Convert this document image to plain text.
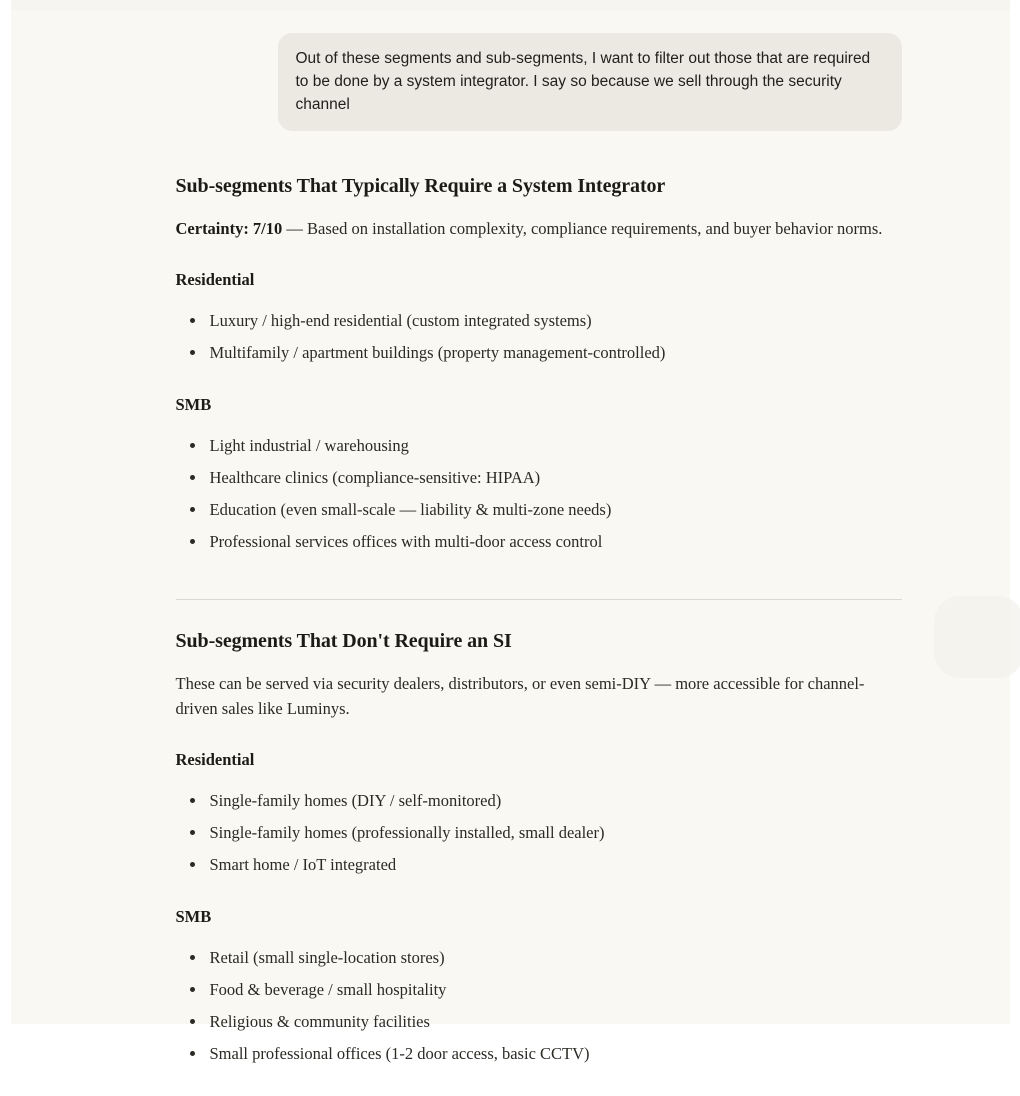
Out of these segments and sub-segments, I want to filter out those that are required to be done by a system integrator. I say so because we sell through the security channel
Sub-segments That Typically Require a System Integrator

Certainty: 7/10 — Based on installation complexity, compliance requirements, and buyer behavior norms.

Residential
Luxury / high-end residential (custom integrated systems)
Multifamily / apartment buildings (property management-controlled)
SMB
Light industrial / warehousing
Healthcare clinics (compliance-sensitive: HIPAA)
Education (even small-scale — liability & multi-zone needs)
Professional services offices with multi-door access control
Sub-segments That Don't Require an SI

These can be served via security dealers, distributors, or even semi-DIY — more accessible for channel-driven sales like Luminys.

Residential
Single-family homes (DIY / self-monitored)
Single-family homes (professionally installed, small dealer)
Smart home / IoT integrated
SMB
Retail (small single-location stores)
Food & beverage / small hospitality
Religious & community facilities
Small professional offices (1-2 door access, basic CCTV)
